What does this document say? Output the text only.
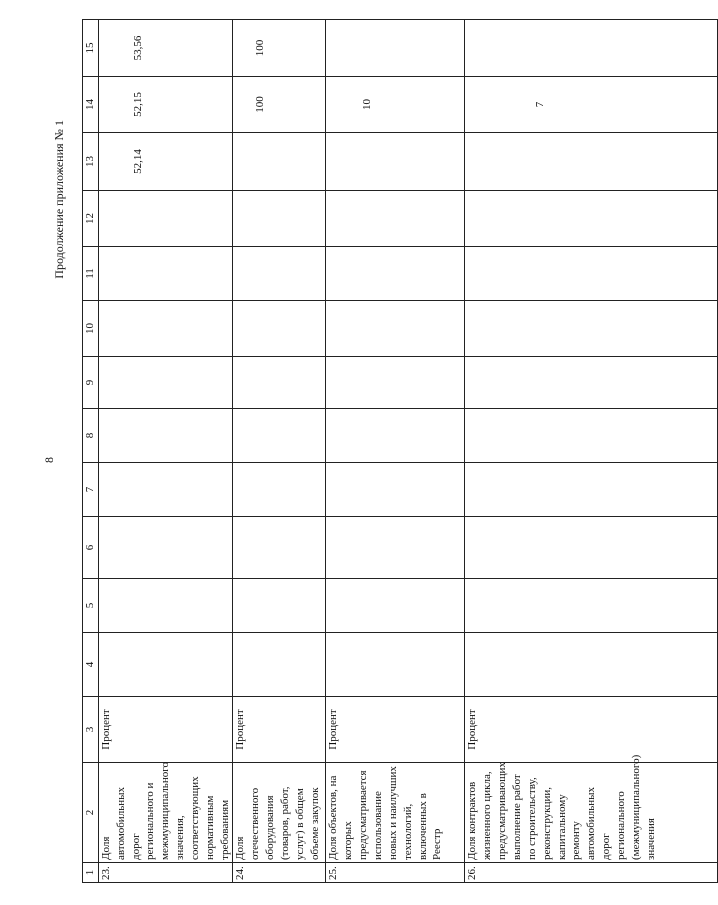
8
Продолжение приложения № 1
1	2	3	4	5	6	7	8	9	10	11	12	13	14	15
23.	Доля автомобильных дорог регионального и межмуниципального значения, соответствующих нормативным требованиям	Процент										52,14	52,15	53,56
24.	Доля отечественного оборудования (товаров, работ, услуг) в общем объеме закупок	Процент											100	100
25.	Доля объектов, на которых предусматривается использование новых и наилучших технологий, включенных в Реестр	Процент											10	
26.	Доля контрактов жизненного цикла, предусматривающих выполнение работ по строительству, реконструкции, капитальному ремонту автомобильных дорог регионального (межмуниципального) значения	Процент											7	
